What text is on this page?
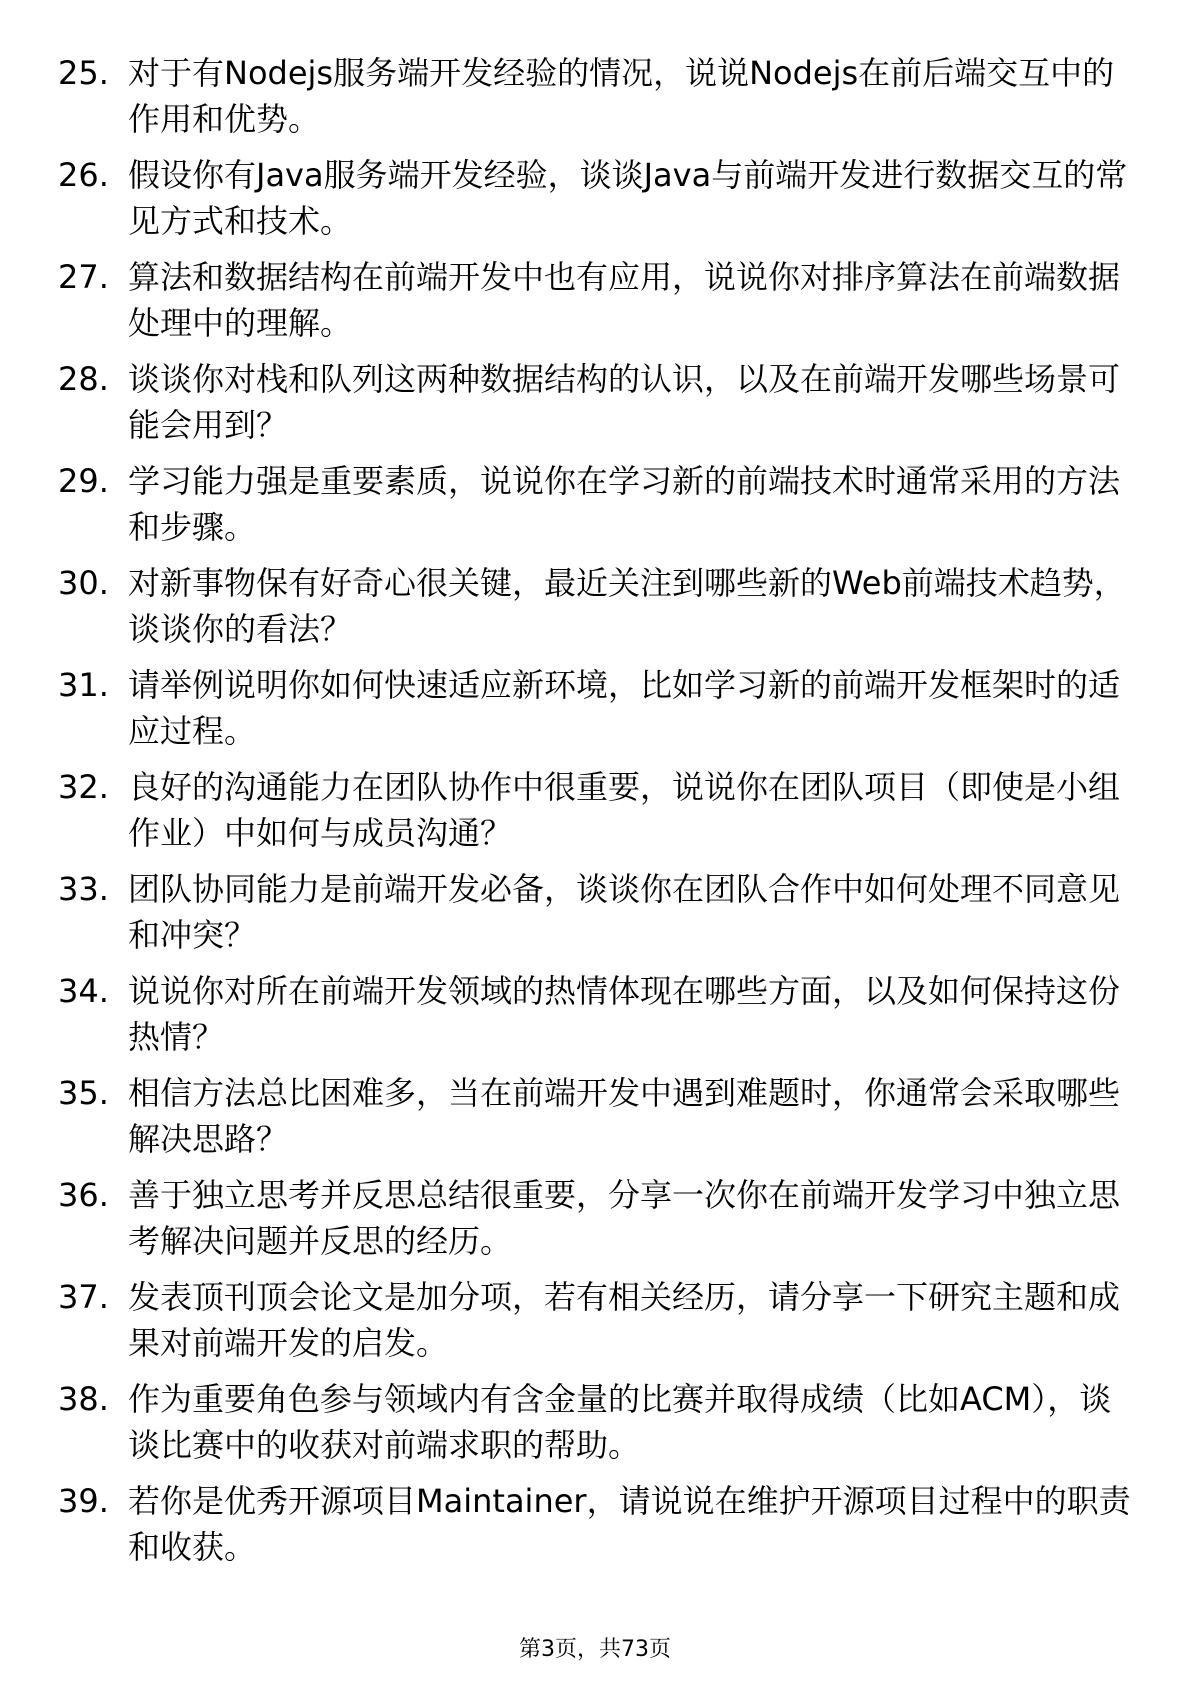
25. 对于有Nodejs服务端开发经验的情况，说说Nodejs在前后端交互中的作用和优势。
26. 假设你有Java服务端开发经验，谈谈Java与前端开发进行数据交互的常见方式和技术。
27. 算法和数据结构在前端开发中也有应用，说说你对排序算法在前端数据处理中的理解。
28. 谈谈你对栈和队列这两种数据结构的认识，以及在前端开发哪些场景可能会用到？
29. 学习能力强是重要素质，说说你在学习新的前端技术时通常采用的方法和步骤。
30. 对新事物保有好奇心很关键，最近关注到哪些新的Web前端技术趋势，谈谈你的看法？
31. 请举例说明你如何快速适应新环境，比如学习新的前端开发框架时的适应过程。
32. 良好的沟通能力在团队协作中很重要，说说你在团队项目（即使是小组作业）中如何与成员沟通？
33. 团队协同能力是前端开发必备，谈谈你在团队合作中如何处理不同意见和冲突？
34. 说说你对所在前端开发领域的热情体现在哪些方面，以及如何保持这份热情？
35. 相信方法总比困难多，当在前端开发中遇到难题时，你通常会采取哪些解决思路？
36. 善于独立思考并反思总结很重要，分享一次你在前端开发学习中独立思考解决问题并反思的经历。
37. 发表顶刊顶会论文是加分项，若有相关经历，请分享一下研究主题和成果对前端开发的启发。
38. 作为重要角色参与领域内有含金量的比赛并取得成绩（比如ACM），谈谈比赛中的收获对前端求职的帮助。
39. 若你是优秀开源项目Maintainer，请说说在维护开源项目过程中的职责和收获。
第3页，共73页
